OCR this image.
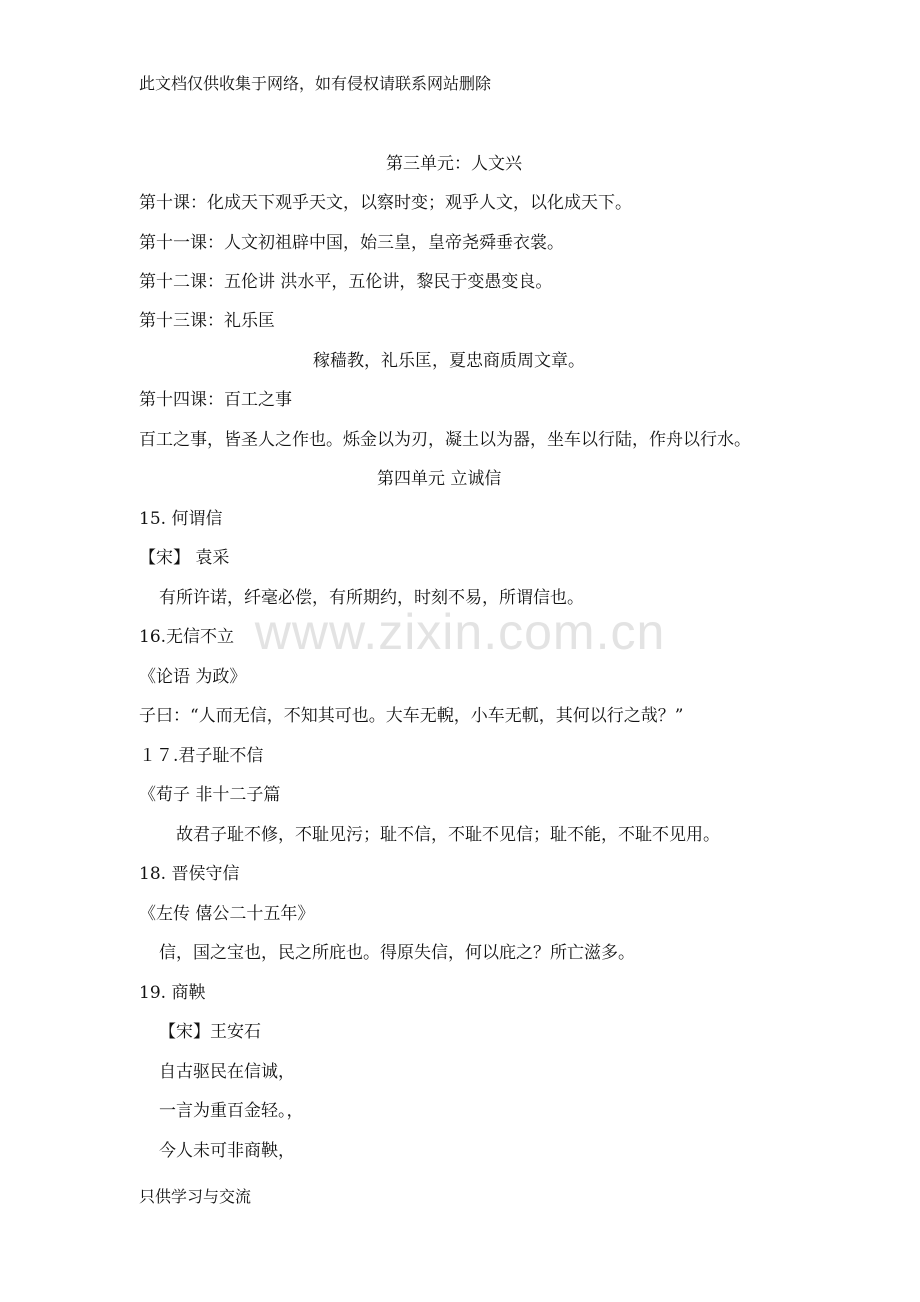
此文档仅供收集于网络，如有侵权请联系网站删除
www.zixin.com.cn
第三单元：人文兴
第十课：化成天下观乎天文，以察时变；观乎人文，以化成天下。
第十一课：人文初祖辟中国，始三皇，皇帝尧舜垂衣裳。
第十二课：五伦讲 洪水平，五伦讲，黎民于变愚变良。
第十三课：礼乐匡
稼穑教，礼乐匡，夏忠商质周文章。
第十四课：百工之事
百工之事，皆圣人之作也。烁金以为刃，凝土以为器，坐车以行陆，作舟以行水。
第四单元 立诚信
15. 何谓信
【宋】 袁采
有所许诺，纤毫必偿，有所期约，时刻不易，所谓信也。
16.无信不立
《论语 为政》
子曰：“人而无信，不知其可也。大车无輗，小车无軏，其何以行之哉？”
１７.君子耻不信
《荀子 非十二子篇
故君子耻不修，不耻见污；耻不信，不耻不见信；耻不能，不耻不见用。
18. 晋侯守信
《左传 僖公二十五年》
信，国之宝也，民之所庇也。得原失信，何以庇之？所亡滋多。
19. 商鞅
【宋】王安石
自古驱民在信诚，
一言为重百金轻。，
今人未可非商鞅，
只供学习与交流
